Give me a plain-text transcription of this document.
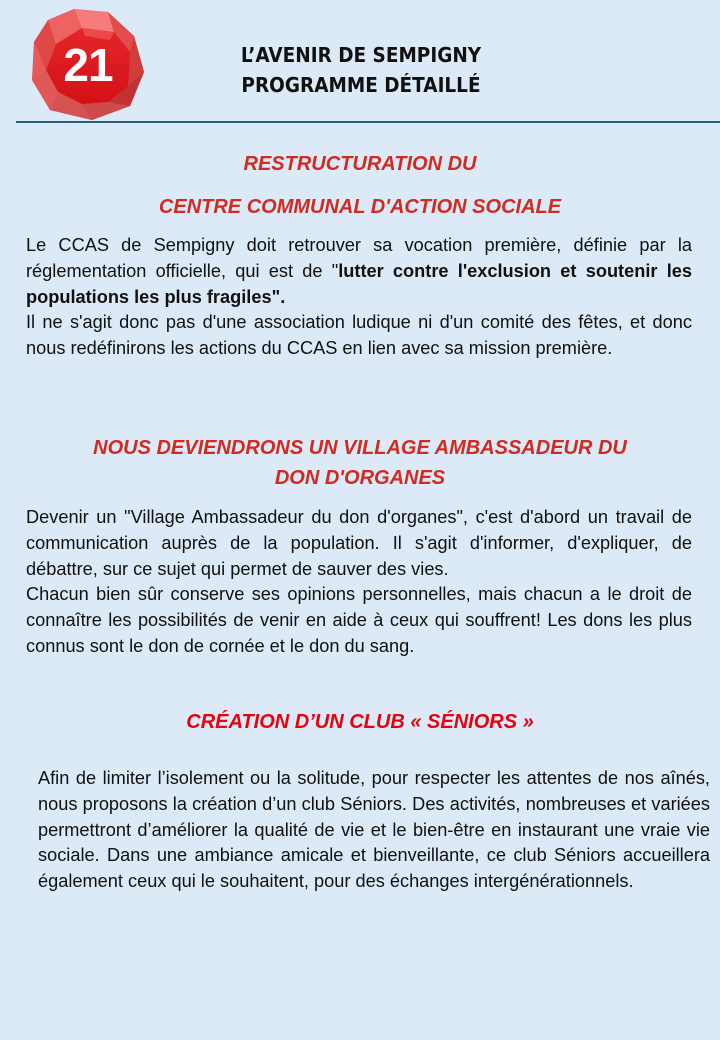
21	L’AVENIR DE SEMPIGNY
PROGRAMME DÉTAILLÉ
RESTRUCTURATION DU
CENTRE COMMUNAL D'ACTION SOCIALE

Le CCAS de Sempigny doit retrouver sa vocation première, définie par la réglementation officielle, qui est de "lutter contre l'exclusion et soutenir les populations les plus fragiles".

Il ne s'agit donc pas d'une association ludique ni d'un comité des fêtes, et donc nous redéfinirons les actions du CCAS en lien avec sa mission première.

NOUS DEVIENDRONS UN VILLAGE AMBASSADEUR DU
DON D'ORGANES

Devenir un "Village Ambassadeur du don d'organes", c'est d'abord un travail de communication auprès de la population. Il s'agit d'informer, d'expliquer, de débattre, sur ce sujet qui permet de sauver des vies.

Chacun bien sûr conserve ses opinions personnelles, mais chacun a le droit de connaître les possibilités de venir en aide à ceux qui souffrent! Les dons les plus connus sont le don de cornée et le don du sang.

CRÉATION D’UN CLUB « SÉNIORS »

Afin de limiter l’isolement ou la solitude, pour respecter les attentes de nos aînés, nous proposons la création d’un club Séniors. Des activités, nombreuses et variées permettront d’améliorer la qualité de vie et le bien-être en instaurant une vraie vie sociale. Dans une ambiance amicale et bienveillante, ce club Séniors accueillera également ceux qui le souhaitent, pour des échanges intergénérationnels.
